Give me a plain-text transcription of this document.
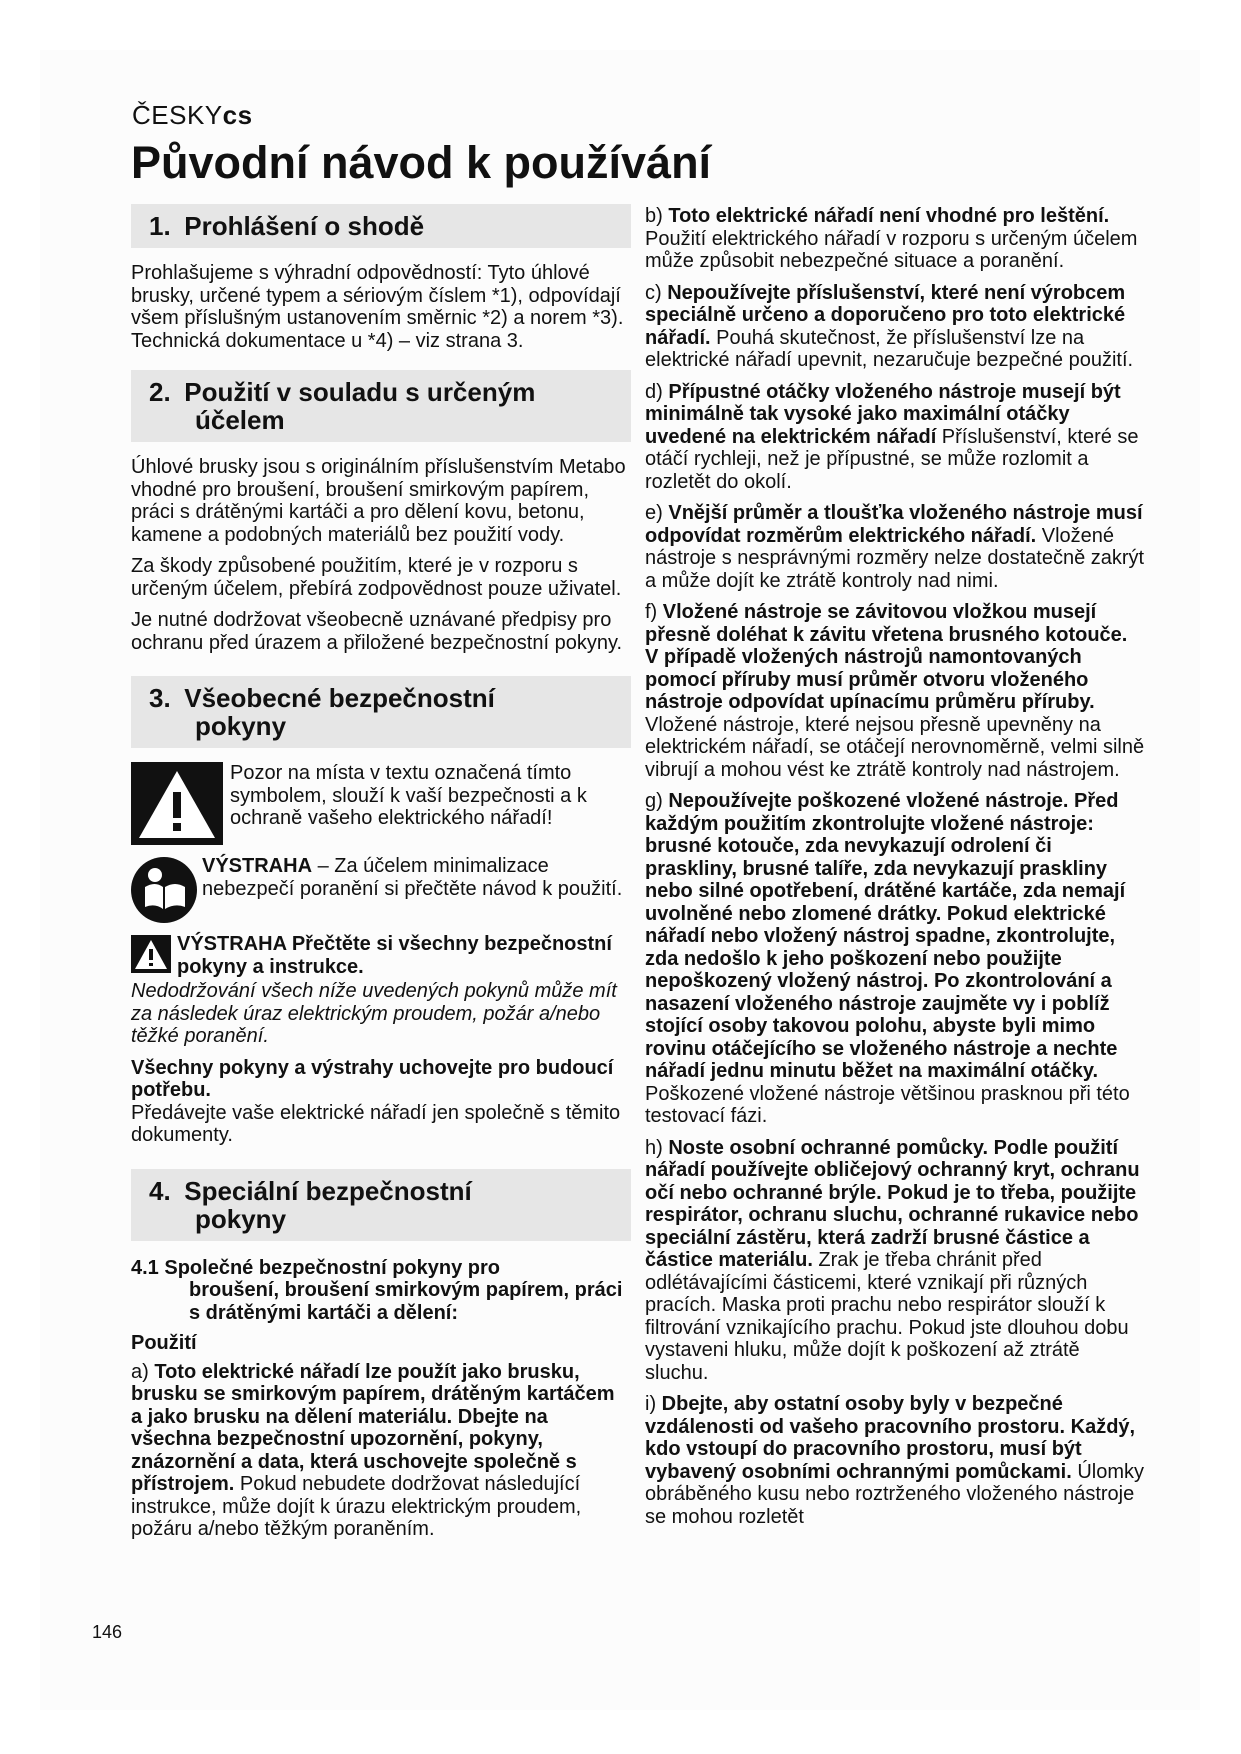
ČESKYcs
Původní návod k používání
1. Prohlášení o shodě

Prohlašujeme s výhradní odpovědností: Tyto úhlové brusky, určené typem a sériovým číslem *1), odpovídají všem příslušným ustanovením směrnic *2) a norem *3). Technická dokumentace u *4) – viz strana 3.

2. Použití v souladu s určeným
účelem

Úhlové brusky jsou s originálním příslušenstvím Metabo vhodné pro broušení, broušení smirkovým papírem, práci s drátěnými kartáči a pro dělení kovu, betonu, kamene a podobných materiálů bez použití vody.

Za škody způsobené použitím, které je v rozporu s určeným účelem, přebírá zodpovědnost pouze uživatel.

Je nutné dodržovat všeobecně uznávané předpisy pro ochranu před úrazem a přiložené bezpečnostní pokyny.

3. Všeobecné bezpečnostní
pokyny
Pozor na místa v textu označená tímto symbolem, slouží k vaší bezpečnosti a k ochraně vašeho elektrického nářadí!
VÝSTRAHA – Za účelem minimalizace nebezpečí poranění si přečtěte návod k použití.
VÝSTRAHA Přečtěte si všechny bezpečnostní pokyny a instrukce.

Nedodržování všech níže uvedených pokynů může mít za následek úraz elektrickým proudem, požár a/nebo těžké poranění.

Všechny pokyny a výstrahy uchovejte pro budoucí potřebu.
Předávejte vaše elektrické nářadí jen společně s těmito dokumenty.

4. Speciální bezpečnostní
pokyny

4.1 Společné bezpečnostní pokyny pro
broušení, broušení smirkovým papírem, práci s drátěnými kartáči a dělení:

Použití

a) Toto elektrické nářadí lze použít jako brusku, brusku se smirkovým papírem, drátěným kartáčem a jako brusku na dělení materiálu. Dbejte na všechna bezpečnostní upozornění, pokyny, znázornění a data, která uschovejte společně s přístrojem. Pokud nebudete dodržovat následující instrukce, může dojít k úrazu elektrickým proudem, požáru a/nebo těžkým poraněním.

b) Toto elektrické nářadí není vhodné pro leštění. Použití elektrického nářadí v rozporu s určeným účelem může způsobit nebezpečné situace a poranění.

c) Nepoužívejte příslušenství, které není výrobcem speciálně určeno a doporučeno pro toto elektrické nářadí. Pouhá skutečnost, že příslušenství lze na elektrické nářadí upevnit, nezaručuje bezpečné použití.

d) Přípustné otáčky vloženého nástroje musejí být minimálně tak vysoké jako maximální otáčky uvedené na elektrickém nářadí Příslušenství, které se otáčí rychleji, než je přípustné, se může rozlomit a rozletět do okolí.

e) Vnější průměr a tloušťka vloženého nástroje musí odpovídat rozměrům elektrického nářadí. Vložené nástroje s nesprávnými rozměry nelze dostatečně zakrýt a může dojít ke ztrátě kontroly nad nimi.

f) Vložené nástroje se závitovou vložkou musejí přesně doléhat k závitu vřetena brusného kotouče. V případě vložených nástrojů namontovaných pomocí příruby musí průměr otvoru vloženého nástroje odpovídat upínacímu průměru příruby. Vložené nástroje, které nejsou přesně upevněny na elektrickém nářadí, se otáčejí nerovnoměrně, velmi silně vibrují a mohou vést ke ztrátě kontroly nad nástrojem.

g) Nepoužívejte poškozené vložené nástroje. Před každým použitím zkontrolujte vložené nástroje: brusné kotouče, zda nevykazují odrolení či praskliny, brusné talíře, zda nevykazují praskliny nebo silné opotřebení, drátěné kartáče, zda nemají uvolněné nebo zlomené drátky. Pokud elektrické nářadí nebo vložený nástroj spadne, zkontrolujte, zda nedošlo k jeho poškození nebo použijte nepoškozený vložený nástroj. Po zkontrolování a nasazení vloženého nástroje zaujměte vy i poblíž stojící osoby takovou polohu, abyste byli mimo rovinu otáčejícího se vloženého nástroje a nechte nářadí jednu minutu běžet na maximální otáčky. Poškozené vložené nástroje většinou prasknou při této testovací fázi.

h) Noste osobní ochranné pomůcky. Podle použití nářadí používejte obličejový ochranný kryt, ochranu očí nebo ochranné brýle. Pokud je to třeba, použijte respirátor, ochranu sluchu, ochranné rukavice nebo speciální zástěru, která zadrží brusné částice a částice materiálu. Zrak je třeba chránit před odlétávajícími částicemi, které vznikají při různých pracích. Maska proti prachu nebo respirátor slouží k filtrování vznikajícího prachu. Pokud jste dlouhou dobu vystaveni hluku, může dojít k poškození až ztrátě sluchu.

i) Dbejte, aby ostatní osoby byly v bezpečné vzdálenosti od vašeho pracovního prostoru. Každý, kdo vstoupí do pracovního prostoru, musí být vybavený osobními ochrannými pomůckami. Úlomky obráběného kusu nebo roztrženého vloženého nástroje se mohou rozletět

146
